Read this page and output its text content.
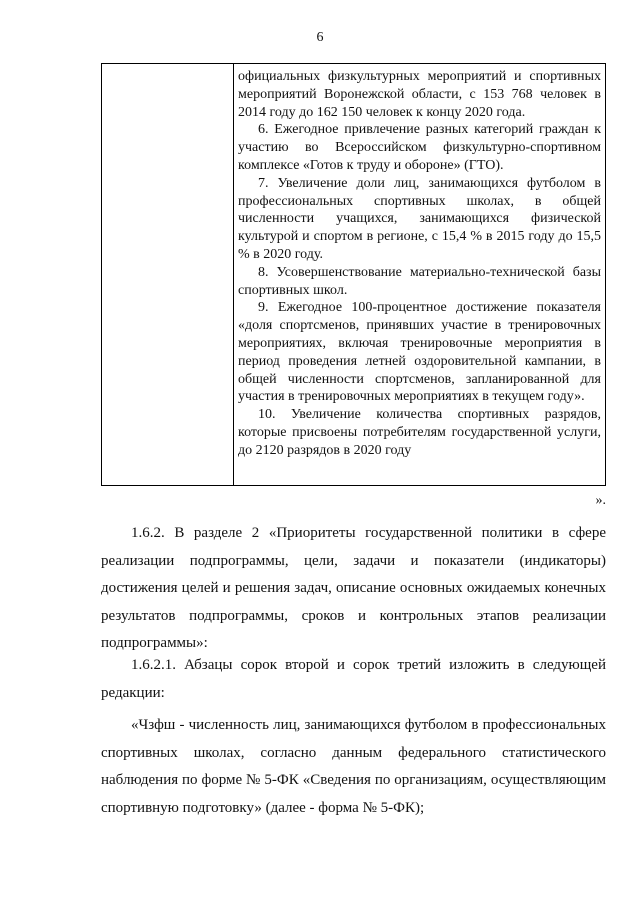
6

официальных физкультурных мероприятий и спортивных мероприятий Воронежской области, с 153 768 человек в 2014 году до 162 150 человек к концу 2020 года.

6. Ежегодное привлечение разных категорий граждан к участию во Всероссийском физкультурно-спортивном комплексе «Готов к труду и обороне» (ГТО).

7. Увеличение доли лиц, занимающихся футболом в профессиональных спортивных школах, в общей численности учащихся, занимающихся физической культурой и спортом в регионе, с 15,4 % в 2015 году до 15,5 % в 2020 году.

8. Усовершенствование материально-технической базы спортивных школ.

9. Ежегодное 100-процентное достижение показателя «доля спортсменов, принявших участие в тренировочных мероприятиях, включая тренировочные мероприятия в период проведения летней оздоровительной кампании, в общей численности спортсменов, запланированной для участия в тренировочных мероприятиях в текущем году».

10. Увеличение количества спортивных разрядов, которые присвоены потребителям государственной услуги, до 2120 разрядов в 2020 году

».

1.6.2. В разделе 2 «Приоритеты государственной политики в сфере реализации подпрограммы, цели, задачи и показатели (индикаторы) достижения целей и решения задач, описание основных ожидаемых конечных результатов подпрограммы, сроков и контрольных этапов реализации подпрограммы»:

1.6.2.1. Абзацы сорок второй и сорок третий изложить в следующей редакции:

«Чзфш - численность лиц, занимающихся футболом в профессиональных спортивных школах, согласно данным федерального статистического наблюдения по форме № 5-ФК «Сведения по организациям, осуществляющим спортивную подготовку» (далее - форма № 5-ФК);
